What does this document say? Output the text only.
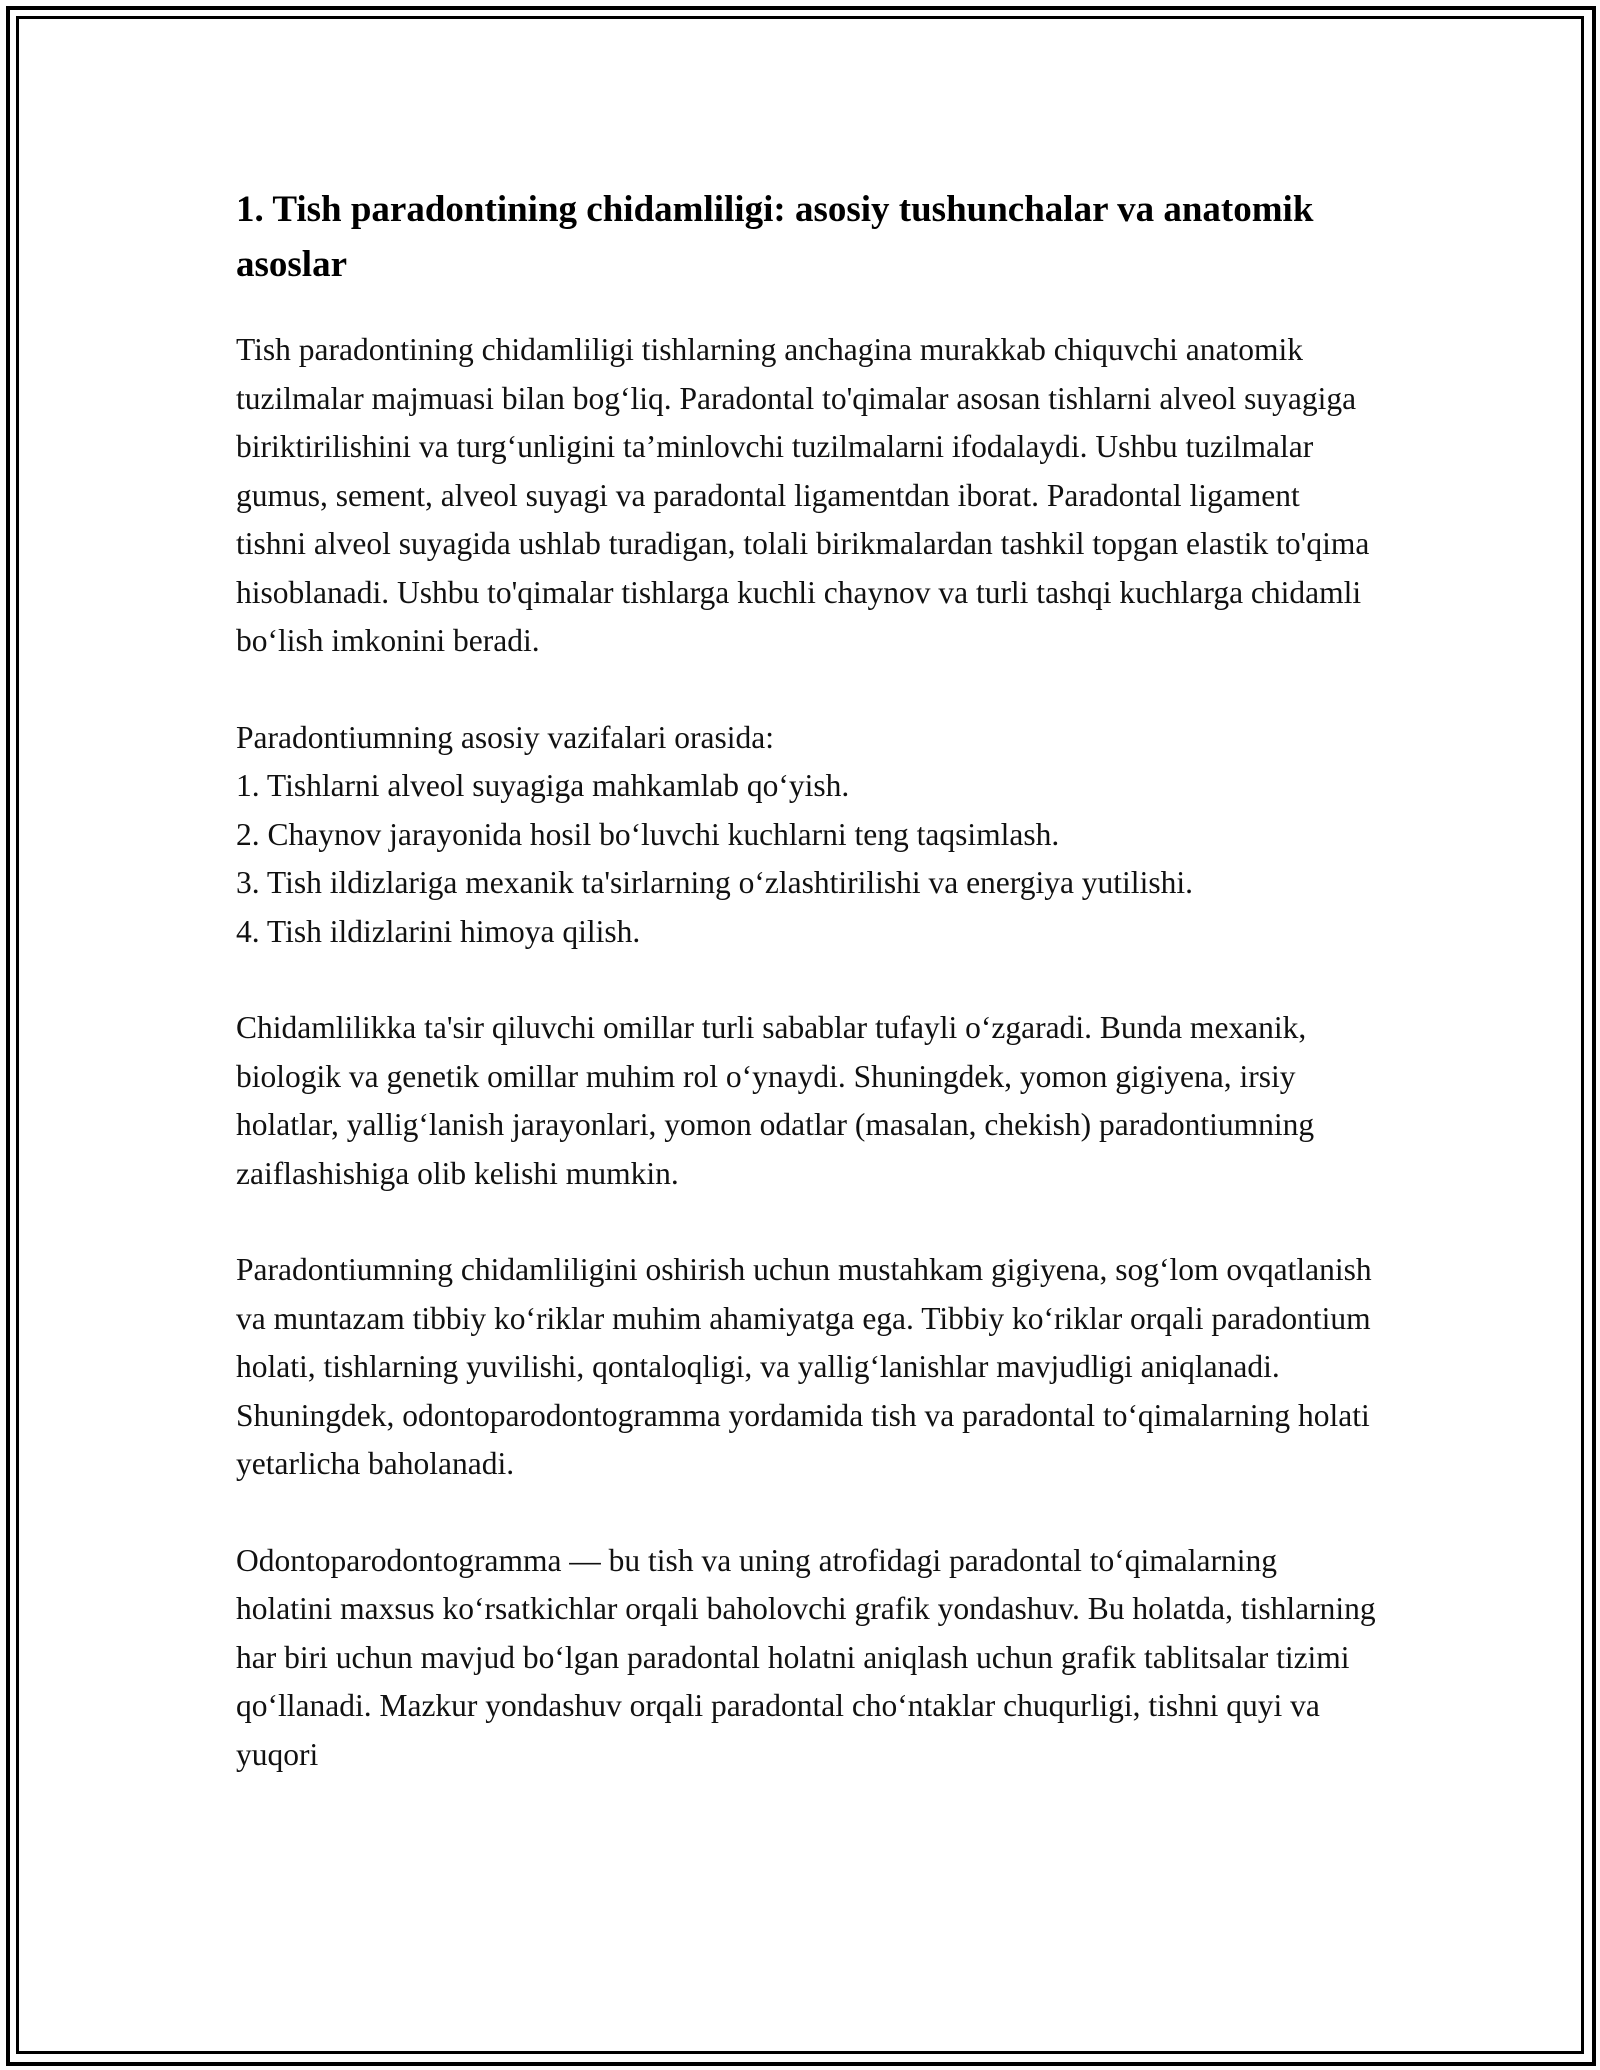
1. Tish paradontining chidamliligi: asosiy tushunchalar va anatomik asoslar

Tish paradontining chidamliligi tishlarning anchagina murakkab chiquvchi anatomik tuzilmalar majmuasi bilan bog‘liq. Paradontal to'qimalar asosan tishlarni alveol suyagiga biriktirilishini va turg‘unligini ta’minlovchi tuzilmalarni ifodalaydi. Ushbu tuzilmalar gumus, sement, alveol suyagi va paradontal ligamentdan iborat. Paradontal ligament tishni alveol suyagida ushlab turadigan, tolali birikmalardan tashkil topgan elastik to'qima hisoblanadi. Ushbu to'qimalar tishlarga kuchli chaynov va turli tashqi kuchlarga chidamli bo‘lish imkonini beradi.

Paradontiumning asosiy vazifalari orasida:
1. Tishlarni alveol suyagiga mahkamlab qo‘yish.
2. Chaynov jarayonida hosil bo‘luvchi kuchlarni teng taqsimlash.
3. Tish ildizlariga mexanik ta'sirlarning o‘zlashtirilishi va energiya yutilishi.
4. Tish ildizlarini himoya qilish.

Chidamlilikka ta'sir qiluvchi omillar turli sabablar tufayli o‘zgaradi. Bunda mexanik, biologik va genetik omillar muhim rol o‘ynaydi. Shuningdek, yomon gigiyena, irsiy holatlar, yallig‘lanish jarayonlari, yomon odatlar (masalan, chekish) paradontiumning zaiflashishiga olib kelishi mumkin.

Paradontiumning chidamliligini oshirish uchun mustahkam gigiyena, sog‘lom ovqatlanish va muntazam tibbiy ko‘riklar muhim ahamiyatga ega. Tibbiy ko‘riklar orqali paradontium holati, tishlarning yuvilishi, qontaloqligi, va yallig‘lanishlar mavjudligi aniqlanadi. Shuningdek, odontoparodontogramma yordamida tish va paradontal to‘qimalarning holati yetarlicha baholanadi.

Odontoparodontogramma — bu tish va uning atrofidagi paradontal to‘qimalarning holatini maxsus ko‘rsatkichlar orqali baholovchi grafik yondashuv. Bu holatda, tishlarning har biri uchun mavjud bo‘lgan paradontal holatni aniqlash uchun grafik tablitsalar tizimi qo‘llanadi. Mazkur yondashuv orqali paradontal cho‘ntaklar chuqurligi, tishni quyi va yuqori
